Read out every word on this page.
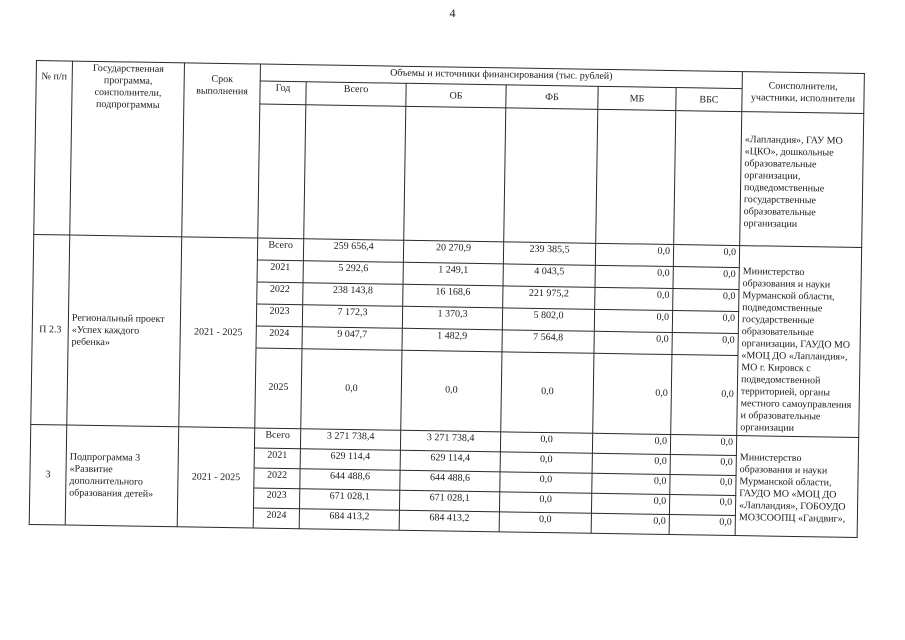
4
№ п/п	Государственная программа, соисполнители, подпрограммы	Срок выполнения	Объемы и источники финансирования (тыс. рублей)						Соисполнители, участники, исполнители
			Год	Всего	ОБ	ФБ	МБ	ВБС	
									«Лапландия», ГАУ МО «ЦКО», дошкольные образовательные организации, подведомственные государственные образовательные организации
П 2.3	Региональный проект «Успех каждого ребенка»	2021 - 2025	Всего	259 656,4	20 270,9	239 385,5	0,0	0,0	Министерство образования и науки Мурманской области, подведомственные государственные образовательные организации, ГАУДО МО «МОЦ ДО «Лапландия», МО г. Кировск с подведомственной территорией, органы местного самоуправления и образовательные организации
			2021	5 292,6	1 249,1	4 043,5	0,0	0,0	
			2022	238 143,8	16 168,6	221 975,2	0,0	0,0	
			2023	7 172,3	1 370,3	5 802,0	0,0	0,0	
			2024	9 047,7	1 482,9	7 564,8	0,0	0,0	
			2025	0,0	0,0	0,0	0,0	0,0	
3	Подпрограмма 3 «Развитие дополнительного образования детей»	2021 - 2025	Всего	3 271 738,4	3 271 738,4	0,0	0,0	0,0	Министерство образования и науки Мурманской области, ГАУДО МО «МОЦ ДО «Лапландия», ГОБОУДО МОЗСООПЦ «Гандвиг»,
			2021	629 114,4	629 114,4	0,0	0,0	0,0	
			2022	644 488,6	644 488,6	0,0	0,0	0,0	
			2023	671 028,1	671 028,1	0,0	0,0	0,0	
			2024	684 413,2	684 413,2	0,0	0,0	0,0	
